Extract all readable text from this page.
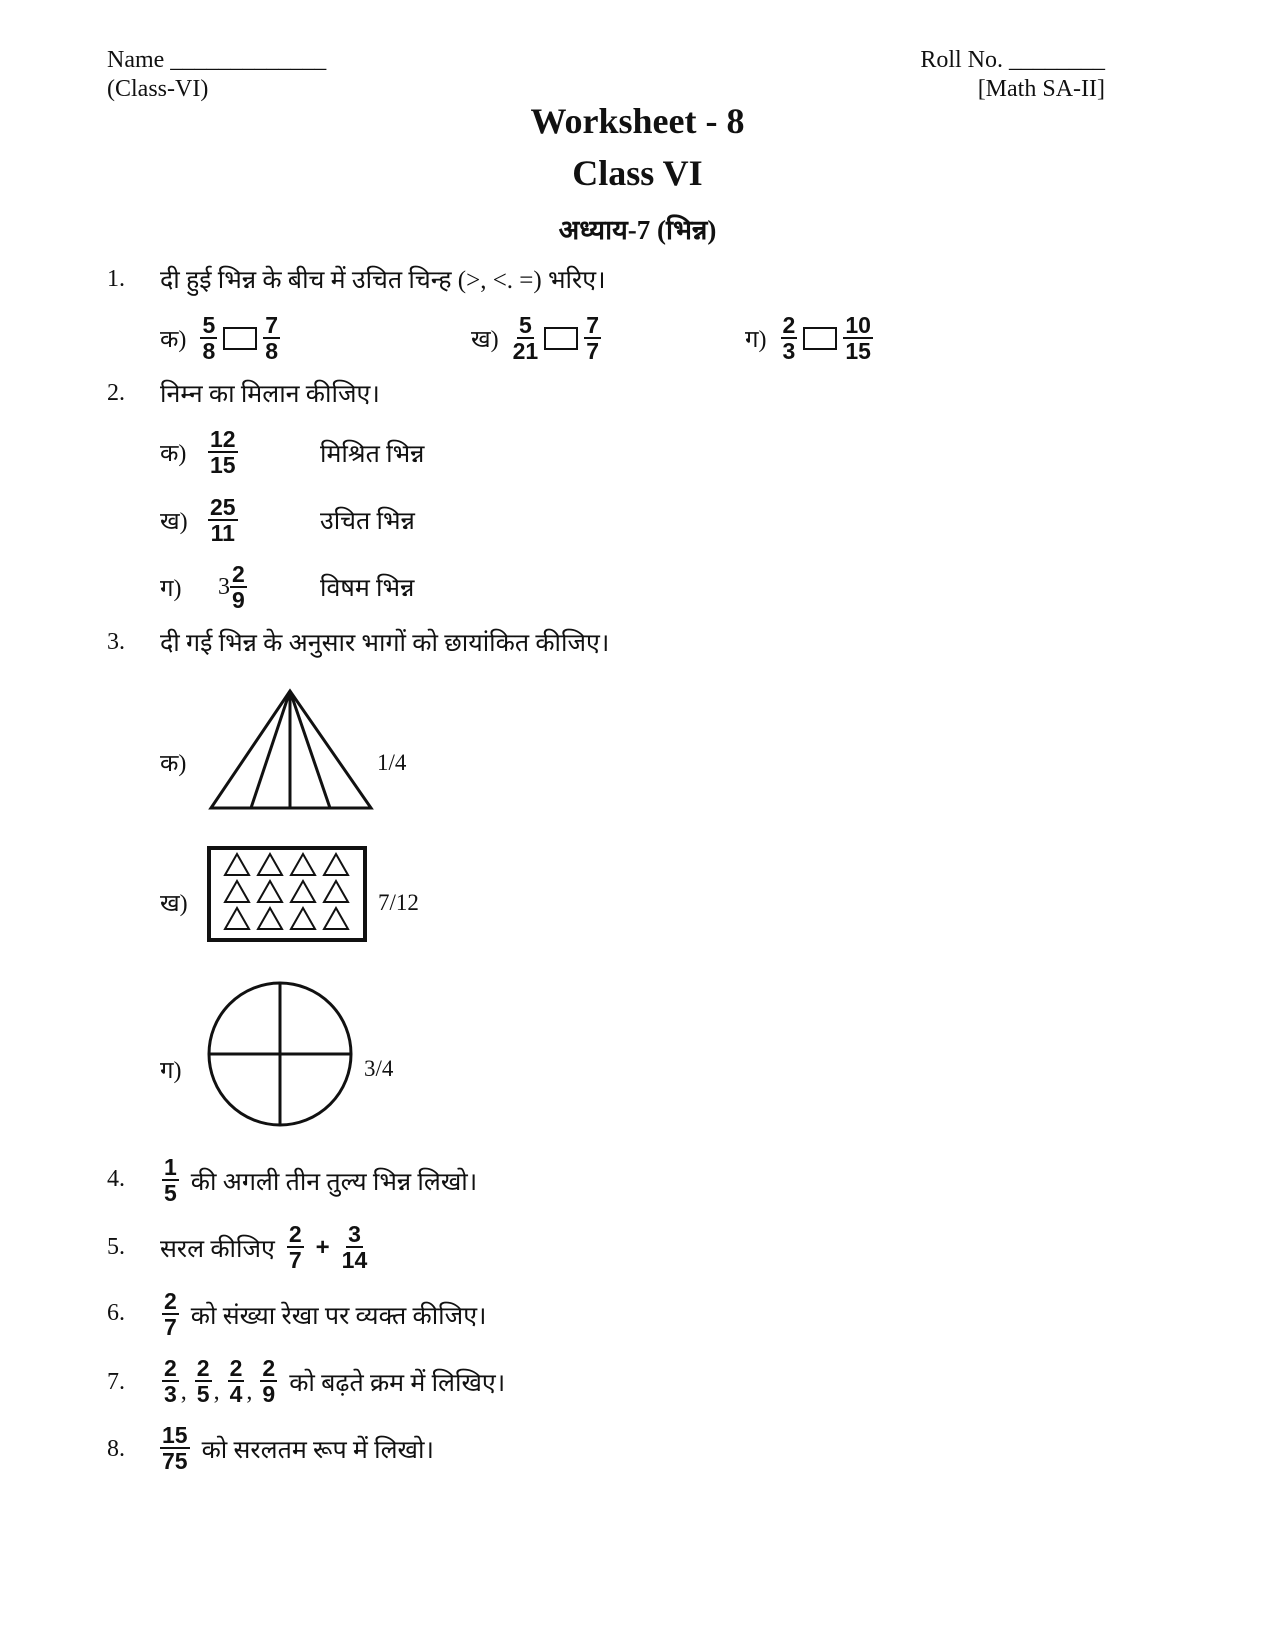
Name _____________	Roll No. ________
(Class-VI)	[Math SA-II]
Worksheet - 8
Class VI
अध्याय-7 (भिन्न)
1. दी हुई भिन्न के बीच में उचित चिन्ह (>, <. =) भरिए।
क) $\frac{5}{8} \frac{7}{8}$	ख) $\frac{5}{21} \frac{7}{7}$	ग) $\frac{2}{3} \frac{10}{15}$
2. निम्न का मिलान कीजिए।
क) $\frac{12}{15}$	मिश्रित भिन्न
ख) $\frac{25}{11}$	उचित भिन्न
ग)	$3 \frac{2}{9}$	विषम भिन्न
3. दी गई भिन्न के अनुसार भागों को छायांकित कीजिए।
क)	1/4
ख)	7/12
ग)	3/4
4. $\frac{1}{5}$ की अगली तीन तुल्य भिन्न लिखो।
5. सरल कीजिए $\frac{2}{7} + \frac{3}{14}$
6. $\frac{2}{7}$ को संख्या रेखा पर व्यक्त कीजिए।
7. $\frac{2}{3}$ , $\frac{2}{5}$ , $\frac{2}{4}$ , $\frac{2}{9}$ को बढ़ते क्रम में लिखिए।
8. $\frac{15}{75}$ को सरलतम रूप में लिखो।
